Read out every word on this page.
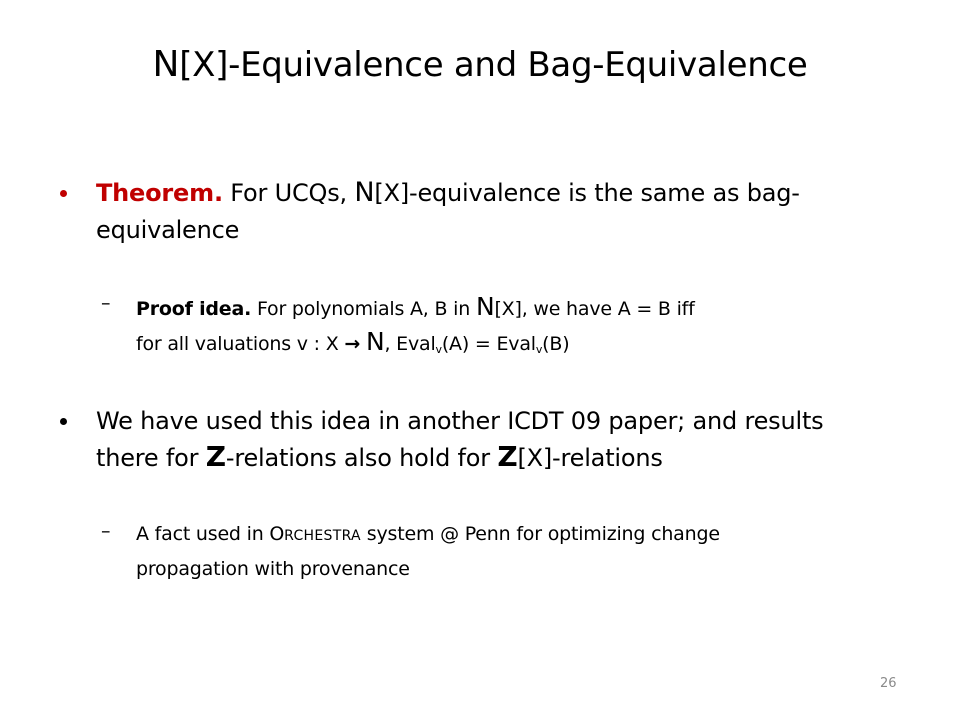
N[X]-Equivalence and Bag-Equivalence
Theorem. For UCQs, N[X]-equivalence is the same as bag-
equivalence
– Proof idea. For polynomials A, B in N[X], we have A = B iff
for all valuations v : X → N, Eval$_v$(A) = Eval$_v$(B)
We have used this idea in another ICDT 09 paper; and results
there for Z-relations also hold for Z[X]-relations
– A fact used in ORCHESTRA system @ Penn for optimizing change
propagation with provenance
26
